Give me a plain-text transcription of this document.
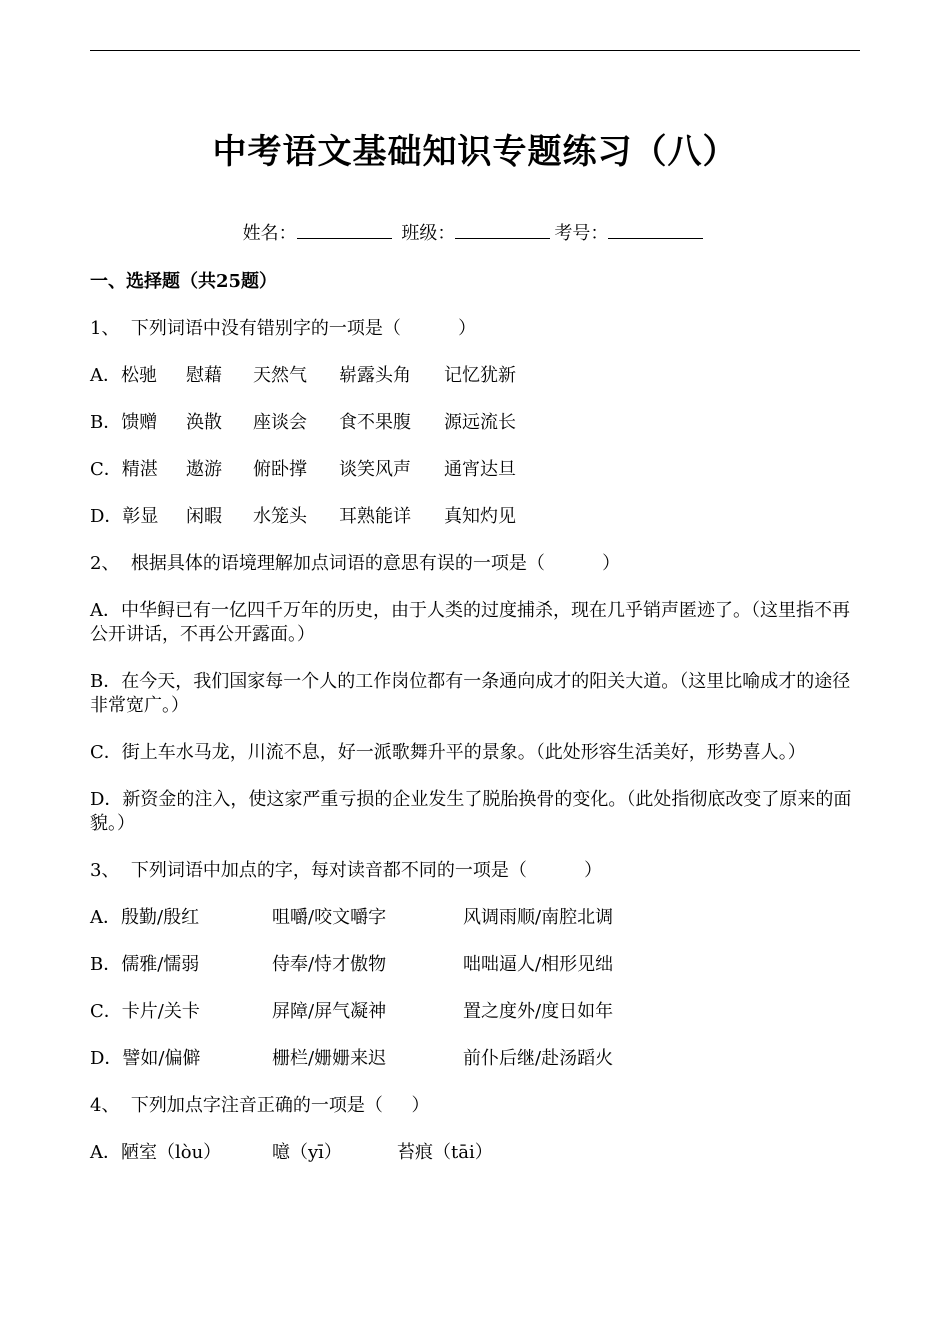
中考语文基础知识专题练习（八）
姓名：	班级：	考号：

一、选择题（共25题）

1、  下列词语中没有错别字的一项是（          ）

A．松驰 慰藉 天然气 崭露头角 记忆犹新

B．馈赠 涣散 座谈会 食不果腹 源远流长

C．精湛 遨游 俯卧撑 谈笑风声 通宵达旦

D．彰显 闲暇 水笼头 耳熟能详 真知灼见

2、  根据具体的语境理解加点词语的意思有误的一项是（          ）

A．中华鲟已有一亿四千万年的历史，由于人类的过度捕杀，现在几乎销声匿迹了。（这里指不再公开讲话，不再公开露面。）

B．在今天，我们国家每一个人的工作岗位都有一条通向成才的阳关大道。（这里比喻成才的途径非常宽广。）

C．街上车水马龙，川流不息，好一派歌舞升平的景象。（此处形容生活美好，形势喜人。）

D．新资金的注入，使这家严重亏损的企业发生了脱胎换骨的变化。（此处指彻底改变了原来的面貌。）

3、  下列词语中加点的字，每对读音都不同的一项是（          ）

A．殷勤/殷红	咀嚼/咬文嚼字	风调雨顺/南腔北调

B．儒雅/懦弱	侍奉/恃才傲物	咄咄逼人/相形见绌

C．卡片/关卡	屏障/屏气凝神	置之度外/度日如年

D．譬如/偏僻	栅栏/姗姗来迟	前仆后继/赴汤蹈火

4、  下列加点字注音正确的一项是（     ）

A．陋室（lòu）	噫（yī）	苔痕（tāi）
